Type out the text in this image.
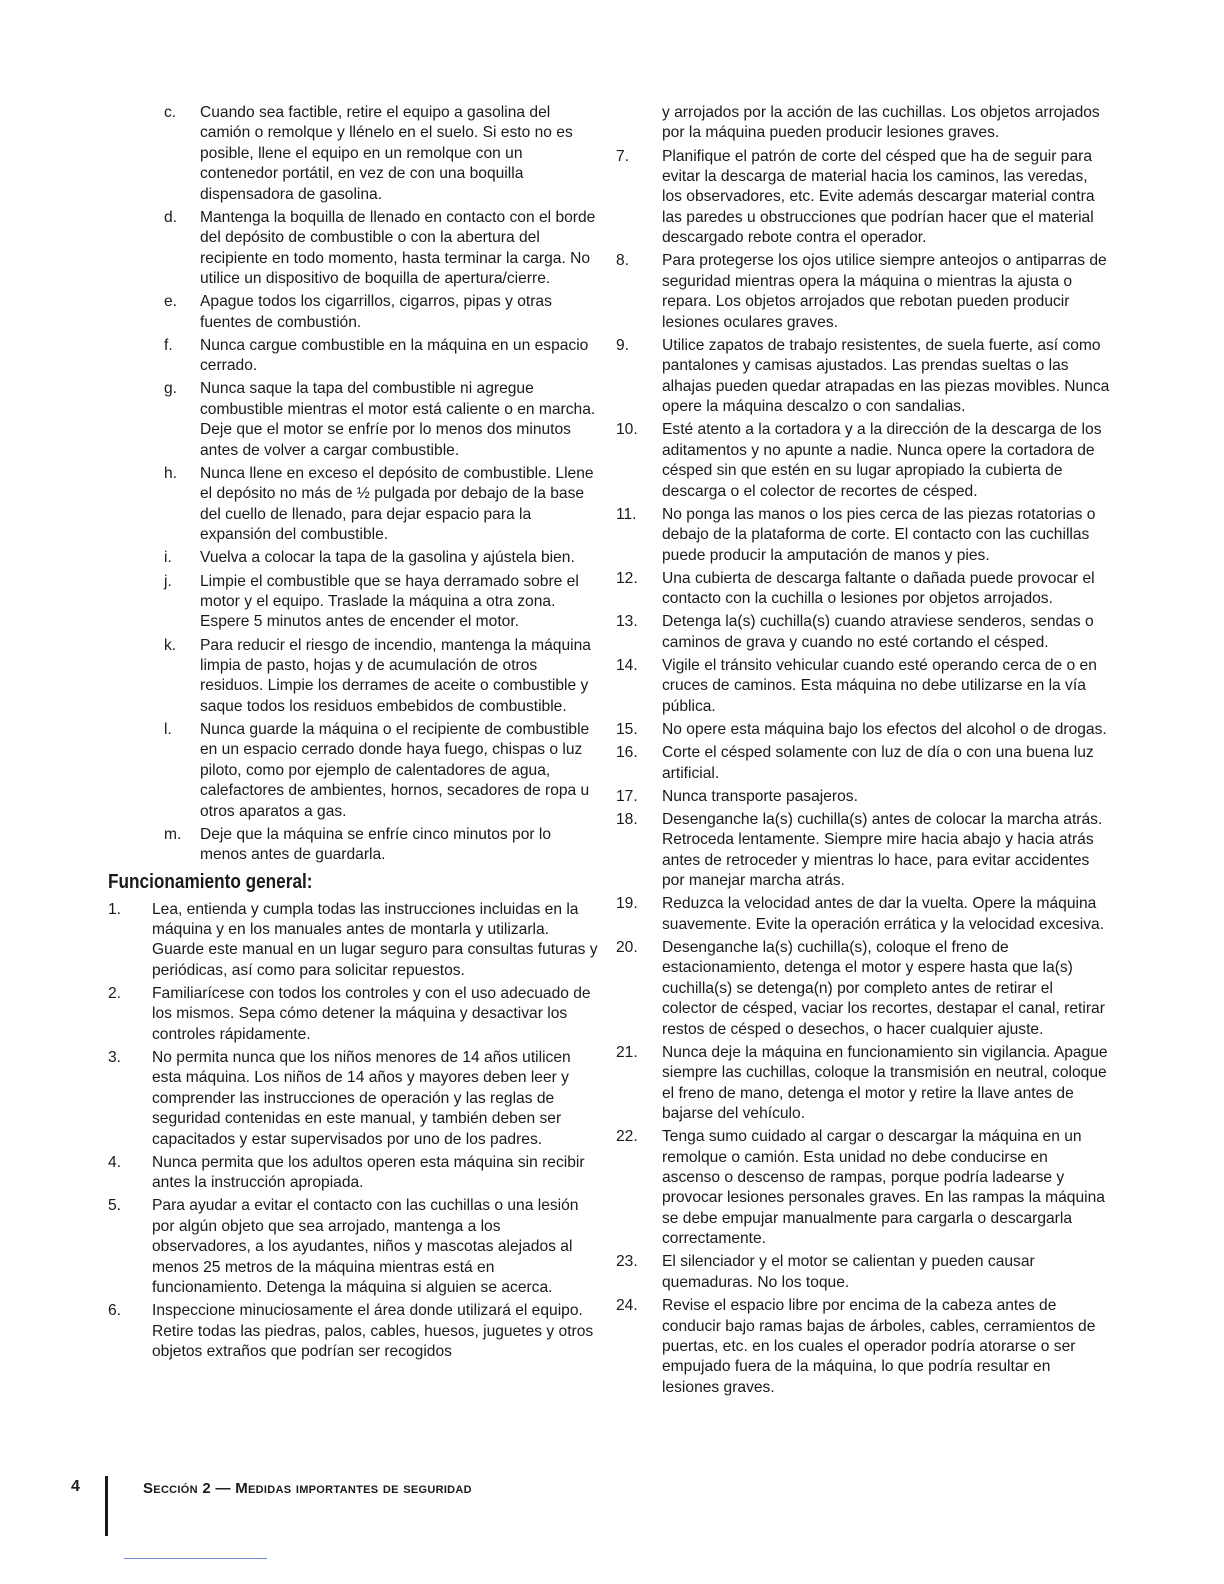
c.	Cuando sea factible, retire el equipo a gasolina del camión o remolque y llénelo en el suelo. Si esto no es posible, llene el equipo en un remolque con un contenedor portátil, en vez de con una boquilla dispensadora de gasolina.
d.	Mantenga la boquilla de llenado en contacto con el borde del depósito de combustible o con la abertura del recipiente en todo momento, hasta terminar la carga. No utilice un dispositivo de boquilla de apertura/cierre.
e.	Apague todos los cigarrillos, cigarros, pipas y otras fuentes de combustión.
f.	Nunca cargue combustible en la máquina en un espacio cerrado.
g.	Nunca saque la tapa del combustible ni agregue combustible mientras el motor está caliente o en marcha. Deje que el motor se enfríe por lo menos dos minutos antes de volver a cargar combustible.
h.	Nunca llene en exceso el depósito de combustible. Llene el depósito no más de ½ pulgada por debajo de la base del cuello de llenado, para dejar espacio para la expansión del combustible.
i.	Vuelva a colocar la tapa de la gasolina y ajústela bien.
j.	Limpie el combustible que se haya derramado sobre el motor y el equipo. Traslade la máquina a otra zona. Espere 5 minutos antes de encender el motor.
k.	Para reducir el riesgo de incendio, mantenga la máquina limpia de pasto, hojas y de acumulación de otros residuos. Limpie los derrames de aceite o combustible y saque todos los residuos embebidos de combustible.
l.	Nunca guarde la máquina o el recipiente de combustible en un espacio cerrado donde haya fuego, chispas o luz piloto, como por ejemplo de calentadores de agua, calefactores de ambientes, hornos, secadores de ropa u otros aparatos a gas.
m.	Deje que la máquina se enfríe cinco minutos por lo menos antes de guardarla.
Funcionamiento general:
1.	Lea, entienda y cumpla todas las instrucciones incluidas en la máquina y en los manuales antes de montarla y utilizarla. Guarde este manual en un lugar seguro para consultas futuras y periódicas, así como para solicitar repuestos.
2.	Familiarícese con todos los controles y con el uso adecuado de los mismos. Sepa cómo detener la máquina y desactivar los controles rápidamente.
3.	No permita nunca que los niños menores de 14 años utilicen esta máquina. Los niños de 14 años y mayores deben leer y comprender las instrucciones de operación y las reglas de seguridad contenidas en este manual, y también deben ser capacitados y estar supervisados por uno de los padres.
4.	Nunca permita que los adultos operen esta máquina sin recibir antes la instrucción apropiada.
5.	Para ayudar a evitar el contacto con las cuchillas o una lesión por algún objeto que sea arrojado, mantenga a los observadores, a los ayudantes, niños y mascotas alejados al menos 25 metros de la máquina mientras está en funcionamiento. Detenga la máquina si alguien se acerca.
6.	Inspeccione minuciosamente el área donde utilizará el equipo. Retire todas las piedras, palos, cables, huesos, juguetes y otros objetos extraños que podrían ser recogidos
y arrojados por la acción de las cuchillas. Los objetos arrojados por la máquina pueden producir lesiones graves.
7.	Planifique el patrón de corte del césped que ha de seguir para evitar la descarga de material hacia los caminos, las veredas, los observadores, etc. Evite además descargar material contra las paredes u obstrucciones que podrían hacer que el material descargado rebote contra el operador.
8.	Para protegerse los ojos utilice siempre anteojos o antiparras de seguridad mientras opera la máquina o mientras la ajusta o repara. Los objetos arrojados que rebotan pueden producir lesiones oculares graves.
9.	Utilice zapatos de trabajo resistentes, de suela fuerte, así como pantalones y camisas ajustados. Las prendas sueltas o las alhajas pueden quedar atrapadas en las piezas movibles. Nunca opere la máquina descalzo o con sandalias.
10.	Esté atento a la cortadora y a la dirección de la descarga de los aditamentos y no apunte a nadie. Nunca opere la cortadora de césped sin que estén en su lugar apropiado la cubierta de descarga o el colector de recortes de césped.
11.	No ponga las manos o los pies cerca de las piezas rotatorias o debajo de la plataforma de corte. El contacto con las cuchillas puede producir la amputación de manos y pies.
12.	Una cubierta de descarga faltante o dañada puede provocar el contacto con la cuchilla o lesiones por objetos arrojados.
13.	Detenga la(s) cuchilla(s) cuando atraviese senderos, sendas o caminos de grava y cuando no esté cortando el césped.
14.	Vigile el tránsito vehicular cuando esté operando cerca de o en cruces de caminos. Esta máquina no debe utilizarse en la vía pública.
15.	No opere esta máquina bajo los efectos del alcohol o de drogas.
16.	Corte el césped solamente con luz de día o con una buena luz artificial.
17.	Nunca transporte pasajeros.
18.	Desenganche la(s) cuchilla(s) antes de colocar la marcha atrás. Retroceda lentamente. Siempre mire hacia abajo y hacia atrás antes de retroceder y mientras lo hace, para evitar accidentes por manejar marcha atrás.
19.	Reduzca la velocidad antes de dar la vuelta. Opere la máquina suavemente. Evite la operación errática y la velocidad excesiva.
20.	Desenganche la(s) cuchilla(s), coloque el freno de estacionamiento, detenga el motor y espere hasta que la(s) cuchilla(s) se detenga(n) por completo antes de retirar el colector de césped, vaciar los recortes, destapar el canal, retirar restos de césped o desechos, o hacer cualquier ajuste.
21.	Nunca deje la máquina en funcionamiento sin vigilancia. Apague siempre las cuchillas, coloque la transmisión en neutral, coloque el freno de mano, detenga el motor y retire la llave antes de bajarse del vehículo.
22.	Tenga sumo cuidado al cargar o descargar la máquina en un remolque o camión. Esta unidad no debe conducirse en ascenso o descenso de rampas, porque podría ladearse y provocar lesiones personales graves. En las rampas la máquina se debe empujar manualmente para cargarla o descargarla correctamente.
23.	El silenciador y el motor se calientan y pueden causar quemaduras. No los toque.
24.	Revise el espacio libre por encima de la cabeza antes de conducir bajo ramas bajas de árboles, cables, cerramientos de puertas, etc. en los cuales el operador podría atorarse o ser empujado fuera de la máquina, lo que podría resultar en lesiones graves.
4	Sección 2 — Medidas importantes de seguridad
